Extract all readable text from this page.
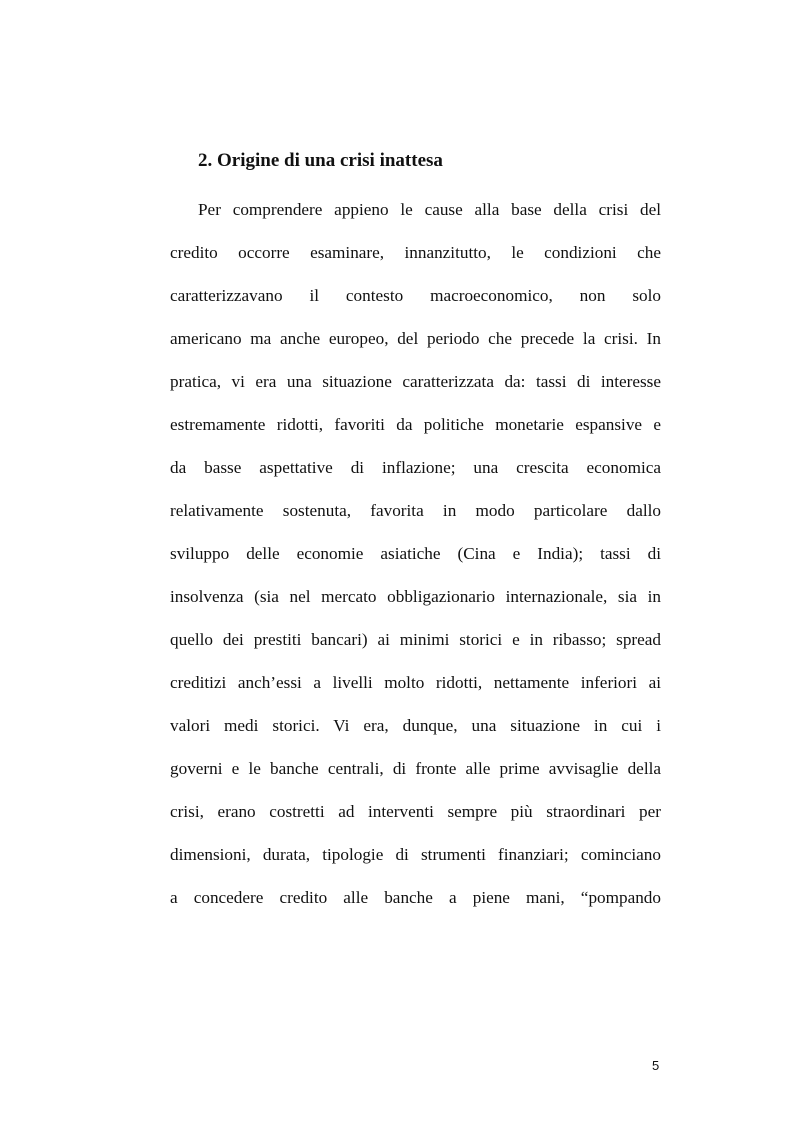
2. Origine di una crisi inattesa
Per comprendere appieno le cause alla base della crisi del
credito occorre esaminare, innanzitutto, le condizioni che
caratterizzavano il contesto macroeconomico, non solo
americano ma anche europeo, del periodo che precede la crisi. In
pratica, vi era una situazione caratterizzata da: tassi di interesse
estremamente ridotti, favoriti da politiche monetarie espansive e
da basse aspettative di inflazione; una crescita economica
relativamente sostenuta, favorita in modo particolare dallo
sviluppo delle economie asiatiche (Cina e India); tassi di
insolvenza (sia nel mercato obbligazionario internazionale, sia in
quello dei prestiti bancari) ai minimi storici e in ribasso; spread
creditizi anch’essi a livelli molto ridotti, nettamente inferiori ai
valori medi storici. Vi era, dunque, una situazione in cui i
governi e le banche centrali, di fronte alle prime avvisaglie della
crisi, erano costretti ad interventi sempre più straordinari per
dimensioni, durata, tipologie di strumenti finanziari; cominciano
a concedere credito alle banche a piene mani, “pompando
5
